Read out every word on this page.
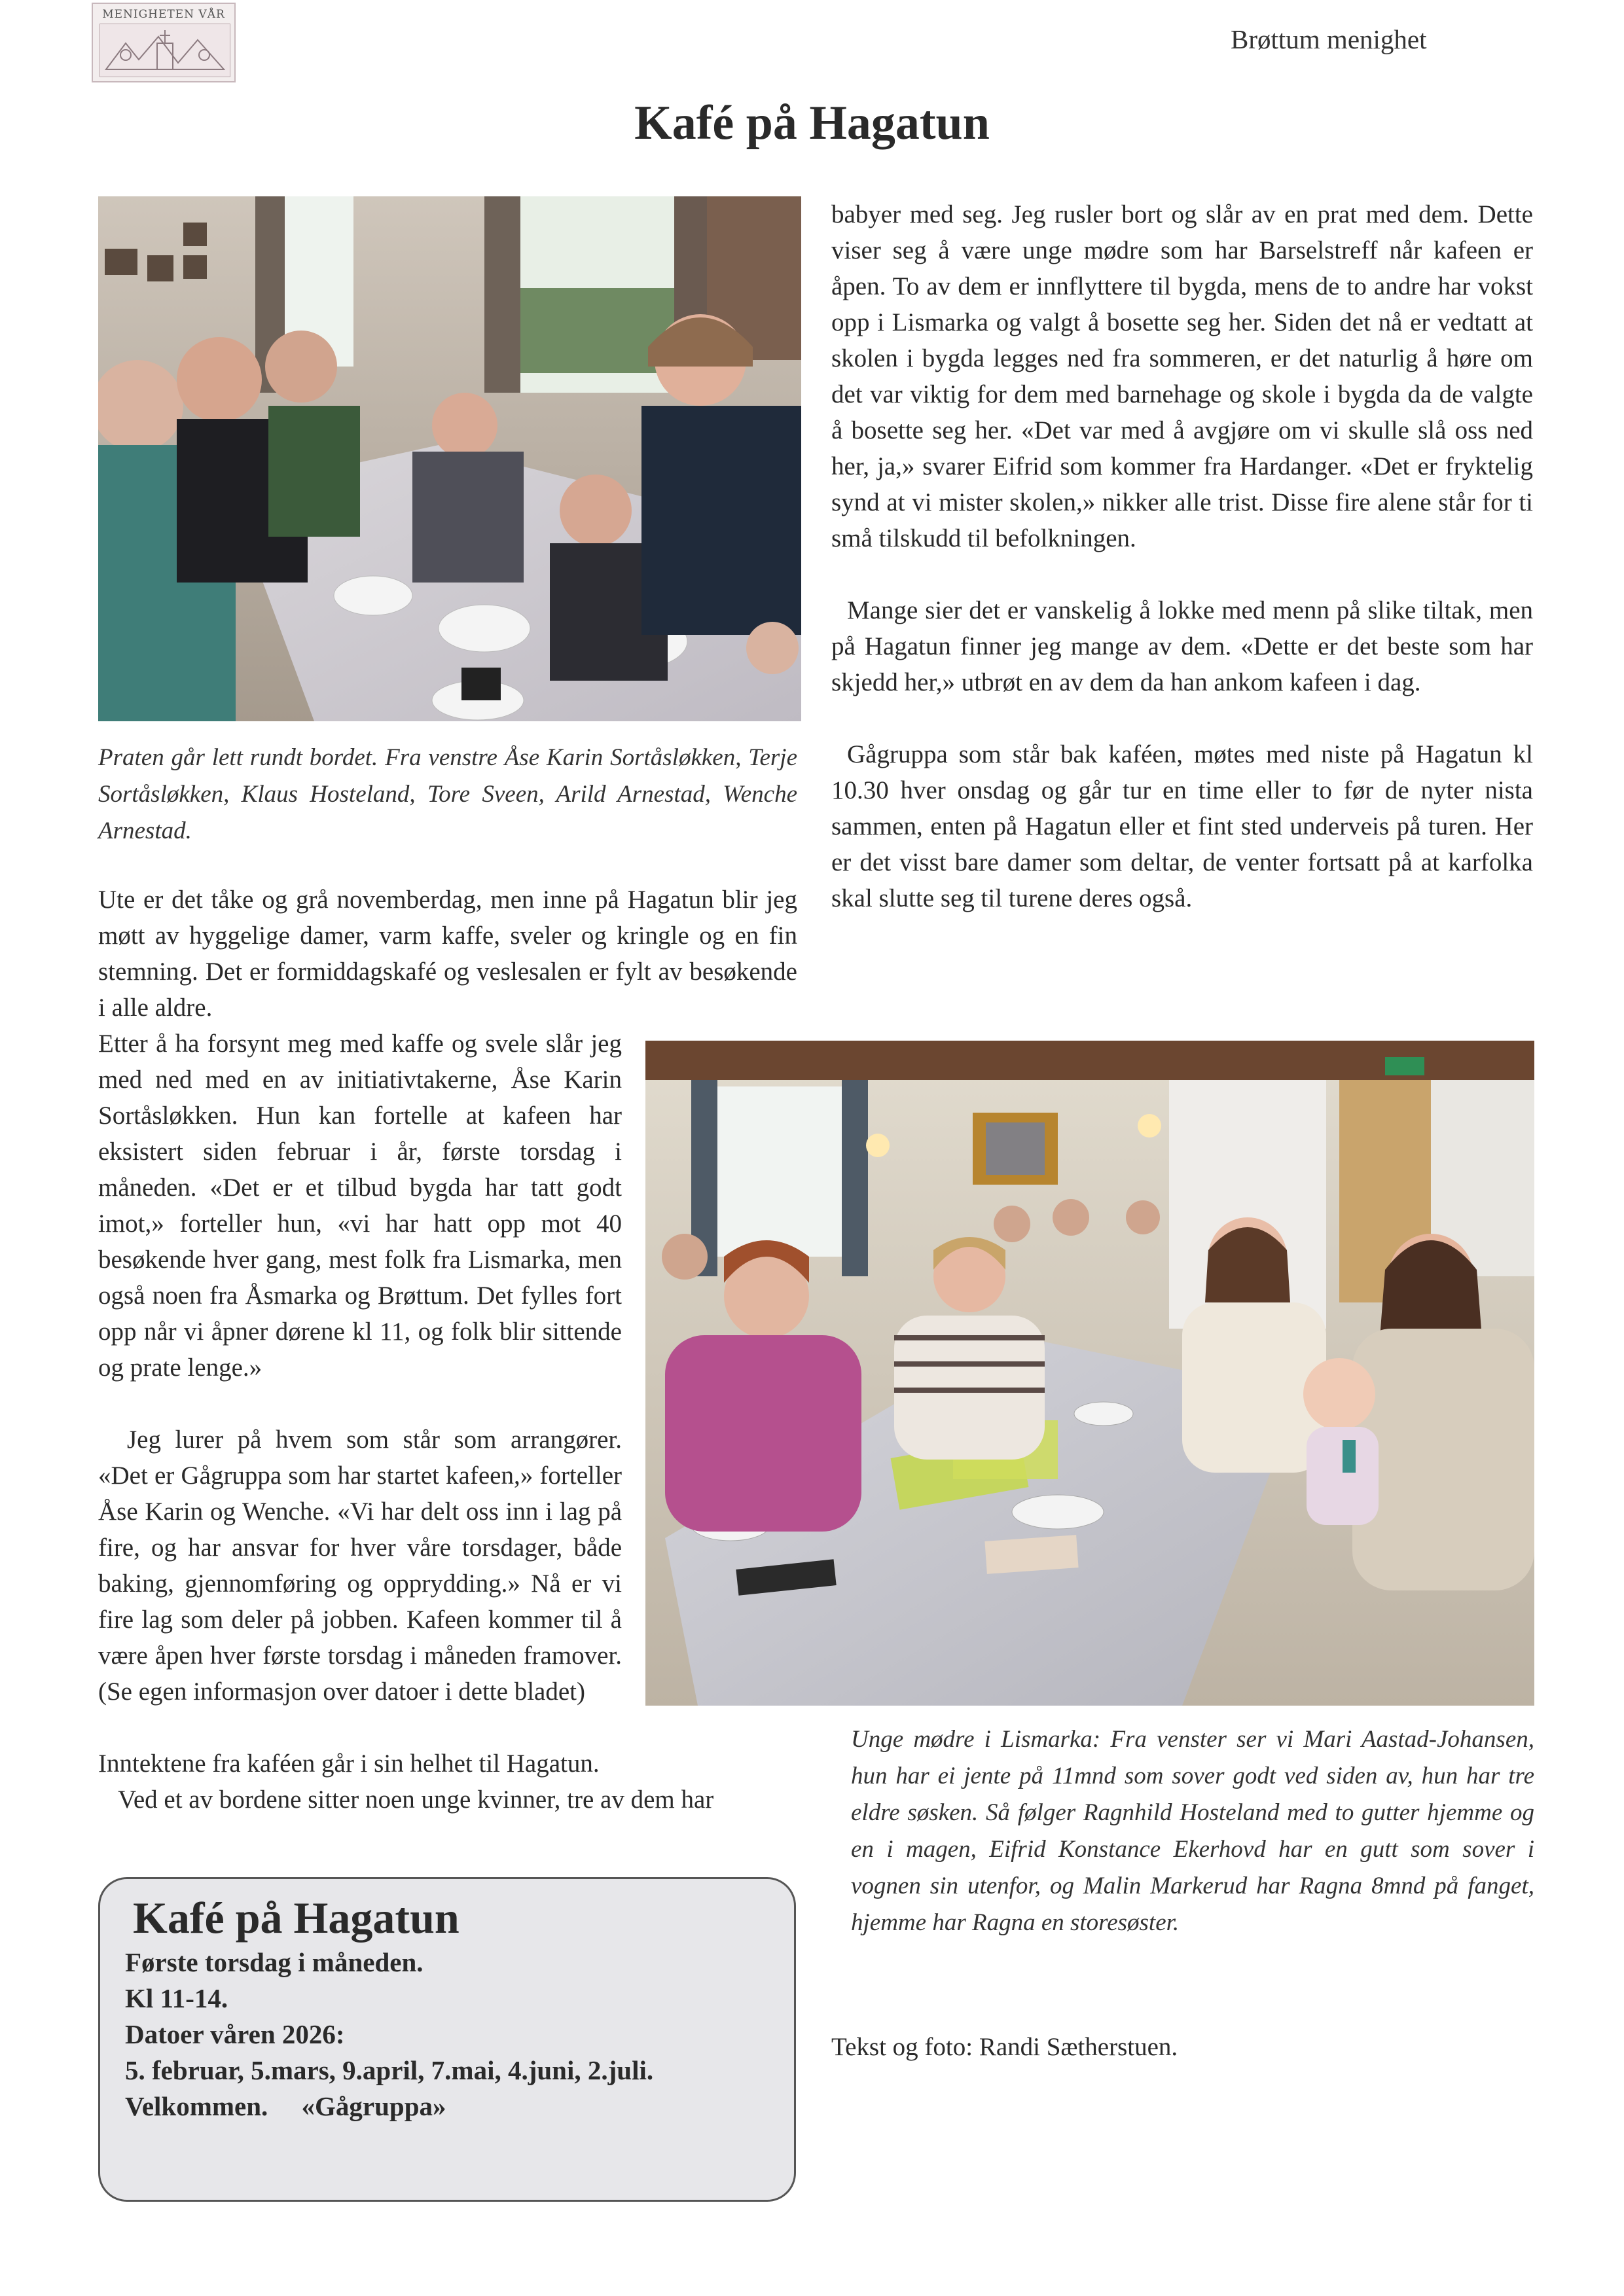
MENIGHETEN VÅR
Brøttum menighet
Kafé på Hagatun
Praten går lett rundt bordet. Fra venstre Åse Karin Sortåsløkken, Terje Sortåsløkken, Klaus Hosteland, Tore Sveen, Arild Arnestad, Wenche Arnestad.
Ute er det tåke og grå novemberdag, men inne på Hagatun blir jeg møtt av hyggelige damer, varm kaffe, sveler og kringle og en fin stemning. Det er formiddagskafé og veslesalen er fylt av besøkende i alle aldre.
Etter å ha forsynt meg med kaffe og svele slår jeg med ned med en av initiativtakerne, Åse Karin Sortåsløkken. Hun kan fortelle at kafeen har eksistert siden februar i år, første torsdag i måneden. «Det er et tilbud bygda har tatt godt imot,» forteller hun, «vi har hatt opp mot 40 besøkende hver gang, mest folk fra Lismarka, men også noen fra Åsmarka og Brøttum. Det fylles fort opp når vi åpner dørene kl 11, og folk blir sittende og prate lenge.»
Jeg lurer på hvem som står som arrangører. «Det er Gågruppa som har startet kafeen,» forteller Åse Karin og Wenche. «Vi har delt oss inn i lag på fire, og har ansvar for hver våre torsdager, både baking, gjennomføring og opprydding.» Nå er vi fire lag som deler på jobben. Kafeen kommer til å være åpen hver første torsdag i måneden framover. (Se egen informasjon over datoer i dette bladet)
Inntektene fra kaféen går i sin helhet til Hagatun.
Ved et av bordene sitter noen unge kvinner, tre av dem har
babyer med seg. Jeg rusler bort og slår av en prat med dem. Dette viser seg å være unge mødre som har Barselstreff når kafeen er åpen. To av dem er innflyttere til bygda, mens de to andre har vokst opp i Lismarka og valgt å bosette seg her. Siden det nå er vedtatt at skolen i bygda legges ned fra sommeren, er det naturlig å høre om det var viktig for dem med barnehage og skole i bygda da de valgte å bosette seg her. «Det var med å avgjøre om vi skulle slå oss ned her, ja,» svarer Eifrid som kommer fra Hardanger. «Det er fryktelig synd at vi mister skolen,» nikker alle trist. Disse fire alene står for ti små tilskudd til befolkningen.
Mange sier det er vanskelig å lokke med menn på slike tiltak, men på Hagatun finner jeg mange av dem. «Dette er det beste som har skjedd her,» utbrøt en av dem da han ankom kafeen i dag.
Gågruppa som står bak kaféen, møtes med niste på Hagatun kl 10.30 hver onsdag og går tur en time eller to før de nyter nista sammen, enten på Hagatun eller et fint sted underveis på turen. Her er det visst bare damer som deltar, de venter fortsatt på at karfolka skal slutte seg til turene deres også.
Unge mødre i Lismarka: Fra venster ser vi Mari Aastad-Johansen, hun har ei jente på 11mnd som sover godt ved siden av, hun har tre eldre søsken. Så følger Ragnhild Hosteland med to gutter hjemme og en i magen, Eifrid Konstance Ekerhovd har en gutt som sover i vognen sin utenfor, og Malin Markerud har Ragna 8mnd på fanget, hjemme har Ragna en storesøster.
Tekst og foto: Randi Sætherstuen.
Kafé på Hagatun
Første torsdag i måneden.
Kl 11-14.
Datoer våren 2026:
5. februar, 5.mars, 9.april, 7.mai, 4.juni, 2.juli.
Velkommen.     «Gågruppa»
